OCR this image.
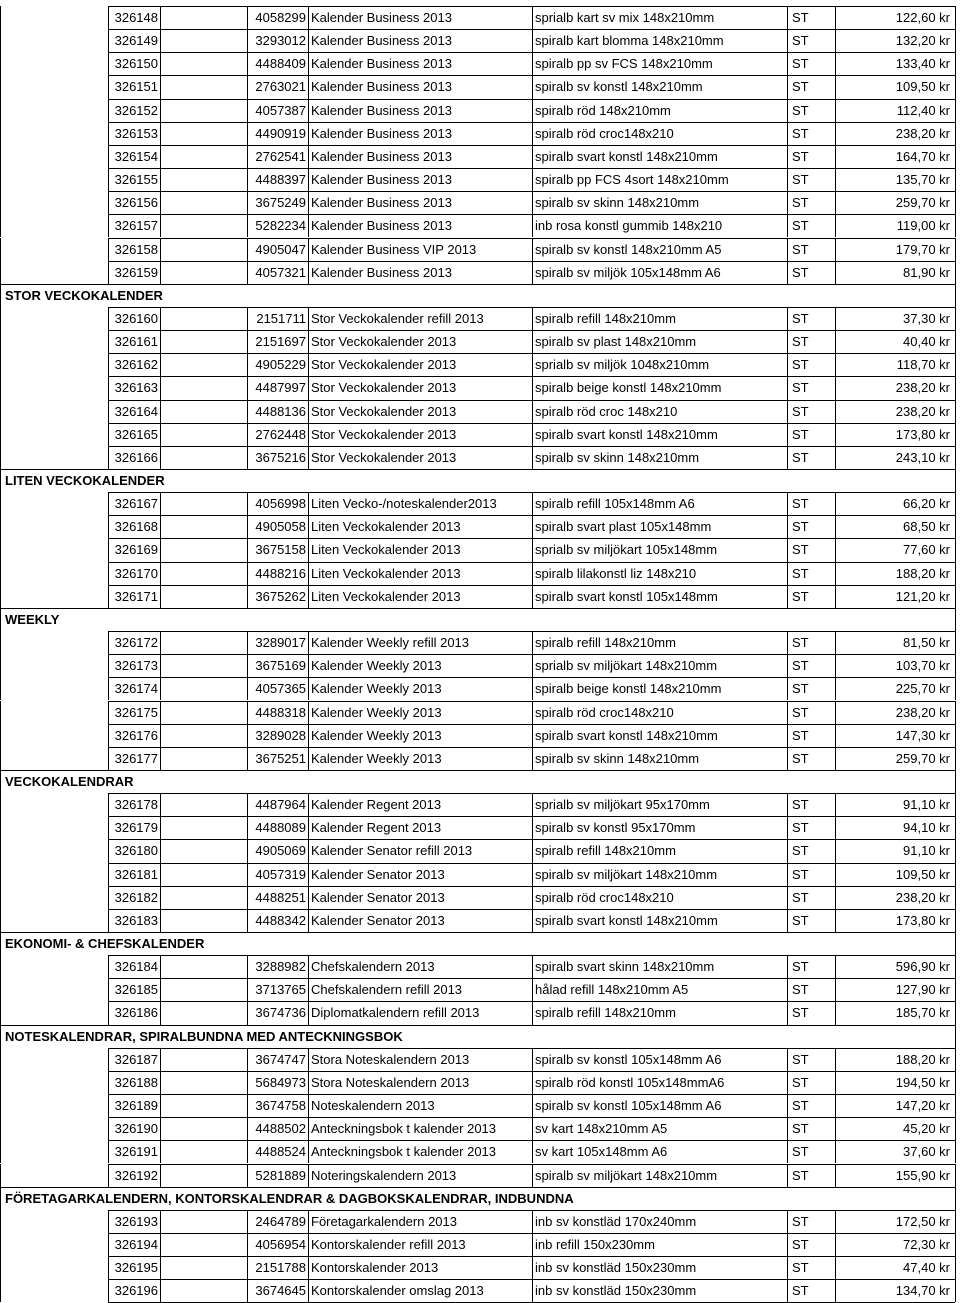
326148	4058299 Kalender Business 2013	sprialb kart sv mix 148x210mm	ST	122,60 kr
326149	3293012 Kalender Business 2013	spiralb kart blomma 148x210mm	ST	132,20 kr
326150	4488409 Kalender Business 2013	spiralb pp sv FCS 148x210mm	ST	133,40 kr
326151	2763021 Kalender Business 2013	spiralb sv konstl 148x210mm	ST	109,50 kr
326152	4057387 Kalender Business 2013	spiralb röd 148x210mm	ST	112,40 kr
326153	4490919 Kalender Business 2013	spiralb röd croc148x210	ST	238,20 kr
326154	2762541 Kalender Business 2013	spiralb svart konstl 148x210mm	ST	164,70 kr
326155	4488397 Kalender Business 2013	spiralb pp FCS 4sort 148x210mm	ST	135,70 kr
326156	3675249 Kalender Business 2013	spiralb sv skinn 148x210mm	ST	259,70 kr
326157	5282234 Kalender Business 2013	inb rosa konstl gummib 148x210	ST	119,00 kr
326158	4905047 Kalender Business VIP 2013	spiralb sv konstl 148x210mm A5	ST	179,70 kr
326159	4057321 Kalender Business 2013	spiralb sv miljök 105x148mm A6	ST	81,90 kr
STOR VECKOKALENDER
326160	2151711 Stor Veckokalender refill 2013	spiralb refill 148x210mm	ST	37,30 kr
326161	2151697 Stor Veckokalender 2013	spiralb sv plast 148x210mm	ST	40,40 kr
326162	4905229 Stor Veckokalender 2013	sprialb sv miljök 1048x210mm	ST	118,70 kr
326163	4487997 Stor Veckokalender 2013	spiralb beige konstl 148x210mm	ST	238,20 kr
326164	4488136 Stor Veckokalender 2013	spiralb röd croc 148x210	ST	238,20 kr
326165	2762448 Stor Veckokalender 2013	spiralb svart konstl 148x210mm	ST	173,80 kr
326166	3675216 Stor Veckokalender 2013	spiralb sv skinn 148x210mm	ST	243,10 kr
LITEN VECKOKALENDER
326167	4056998 Liten Vecko-/noteskalender2013	spiralb refill 105x148mm A6	ST	66,20 kr
326168	4905058 Liten Veckokalender 2013	spiralb svart plast 105x148mm	ST	68,50 kr
326169	3675158 Liten Veckokalender 2013	sprialb sv miljökart 105x148mm	ST	77,60 kr
326170	4488216 Liten Veckokalender 2013	spiralb lilakonstl liz 148x210	ST	188,20 kr
326171	3675262 Liten Veckokalender 2013	spiralb svart konstl 105x148mm	ST	121,20 kr
WEEKLY
326172	3289017 Kalender Weekly refill 2013	spiralb refill 148x210mm	ST	81,50 kr
326173	3675169 Kalender Weekly 2013	sprialb sv miljökart 148x210mm	ST	103,70 kr
326174	4057365 Kalender Weekly 2013	spiralb beige konstl 148x210mm	ST	225,70 kr
326175	4488318 Kalender Weekly 2013	spiralb röd croc148x210	ST	238,20 kr
326176	3289028 Kalender Weekly 2013	spiralb svart konstl 148x210mm	ST	147,30 kr
326177	3675251 Kalender Weekly 2013	spiralb sv skinn 148x210mm	ST	259,70 kr
VECKOKALENDRAR
326178	4487964 Kalender Regent 2013	sprialb sv miljökart 95x170mm	ST	91,10 kr
326179	4488089 Kalender Regent 2013	spiralb sv konstl 95x170mm	ST	94,10 kr
326180	4905069 Kalender Senator refill 2013	spiralb refill 148x210mm	ST	91,10 kr
326181	4057319 Kalender Senator 2013	spiralb sv miljökart 148x210mm	ST	109,50 kr
326182	4488251 Kalender Senator 2013	spiralb röd croc148x210	ST	238,20 kr
326183	4488342 Kalender Senator 2013	spiralb svart konstl 148x210mm	ST	173,80 kr
EKONOMI- & CHEFSKALENDER
326184	3288982 Chefskalendern 2013	spiralb svart skinn 148x210mm	ST	596,90 kr
326185	3713765 Chefskalendern refill 2013	hålad refill 148x210mm A5	ST	127,90 kr
326186	3674736 Diplomatkalendern refill 2013	spiralb refill 148x210mm	ST	185,70 kr
NOTESKALENDRAR, SPIRALBUNDNA MED ANTECKNINGSBOK
326187	3674747 Stora Noteskalendern 2013	spiralb sv konstl 105x148mm A6	ST	188,20 kr
326188	5684973 Stora Noteskalendern 2013	spiralb röd konstl 105x148mmA6	ST	194,50 kr
326189	3674758 Noteskalendern 2013	spiralb sv konstl 105x148mm A6	ST	147,20 kr
326190	4488502 Anteckningsbok t kalender 2013	sv kart 148x210mm A5	ST	45,20 kr
326191	4488524 Anteckningsbok t kalender 2013	sv kart 105x148mm A6	ST	37,60 kr
326192	5281889 Noteringskalendern 2013	spiralb sv miljökart 148x210mm	ST	155,90 kr
FÖRETAGARKALENDERN, KONTORSKALENDRAR & DAGBOKSKALENDRAR, INDBUNDNA
326193	2464789 Företagarkalendern 2013	inb sv konstläd 170x240mm	ST	172,50 kr
326194	4056954 Kontorskalender refill 2013	inb refill 150x230mm	ST	72,30 kr
326195	2151788 Kontorskalender 2013	inb sv konstläd 150x230mm	ST	47,40 kr
326196	3674645 Kontorskalender omslag 2013	inb sv konstläd 150x230mm	ST	134,70 kr
